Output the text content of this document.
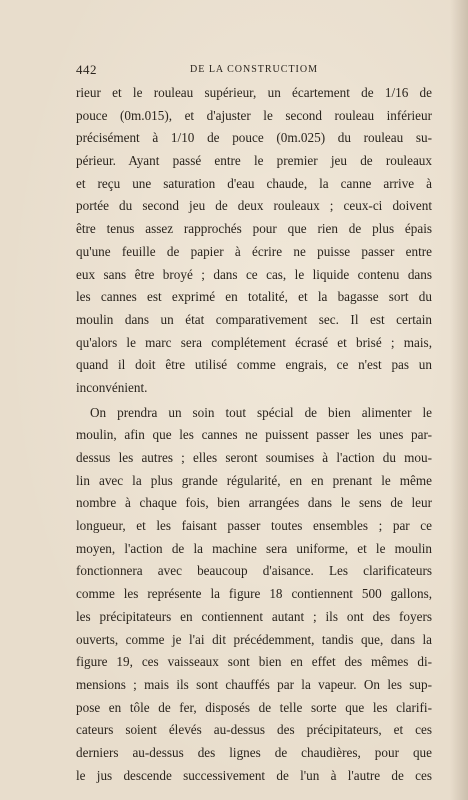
442	DE LA CONSTRUCTIOM
rieur et le rouleau supérieur, un écartement de 1/16 de
pouce (0m.015), et d'ajuster le second rouleau inférieur
précisément à 1/10 de pouce (0m.025) du rouleau su-
périeur. Ayant passé entre le premier jeu de rouleaux
et reçu une saturation d'eau chaude, la canne arrive à
portée du second jeu de deux rouleaux ; ceux-ci doivent
être tenus assez rapprochés pour que rien de plus épais
qu'une feuille de papier à écrire ne puisse passer entre
eux sans être broyé ; dans ce cas, le liquide contenu dans
les cannes est exprimé en totalité, et la bagasse sort du
moulin dans un état comparativement sec. Il est certain
qu'alors le marc sera complétement écrasé et brisé ; mais,
quand il doit être utilisé comme engrais, ce n'est pas un
inconvénient.
On prendra un soin tout spécial de bien alimenter le
moulin, afin que les cannes ne puissent passer les unes par-
dessus les autres ; elles seront soumises à l'action du mou-
lin avec la plus grande régularité, en en prenant le même
nombre à chaque fois, bien arrangées dans le sens de leur
longueur, et les faisant passer toutes ensembles ; par ce
moyen, l'action de la machine sera uniforme, et le moulin
fonctionnera avec beaucoup d'aisance. Les clarificateurs
comme les représente la figure 18 contiennent 500 gallons,
les précipitateurs en contiennent autant ; ils ont des foyers
ouverts, comme je l'ai dit précédemment, tandis que, dans la
figure 19, ces vaisseaux sont bien en effet des mêmes di-
mensions ; mais ils sont chauffés par la vapeur. On les sup-
pose en tôle de fer, disposés de telle sorte que les clarifi-
cateurs soient élevés au-dessus des précipitateurs, et ces
derniers au-dessus des lignes de chaudières, pour que
le jus descende successivement de l'un à l'autre de ces
